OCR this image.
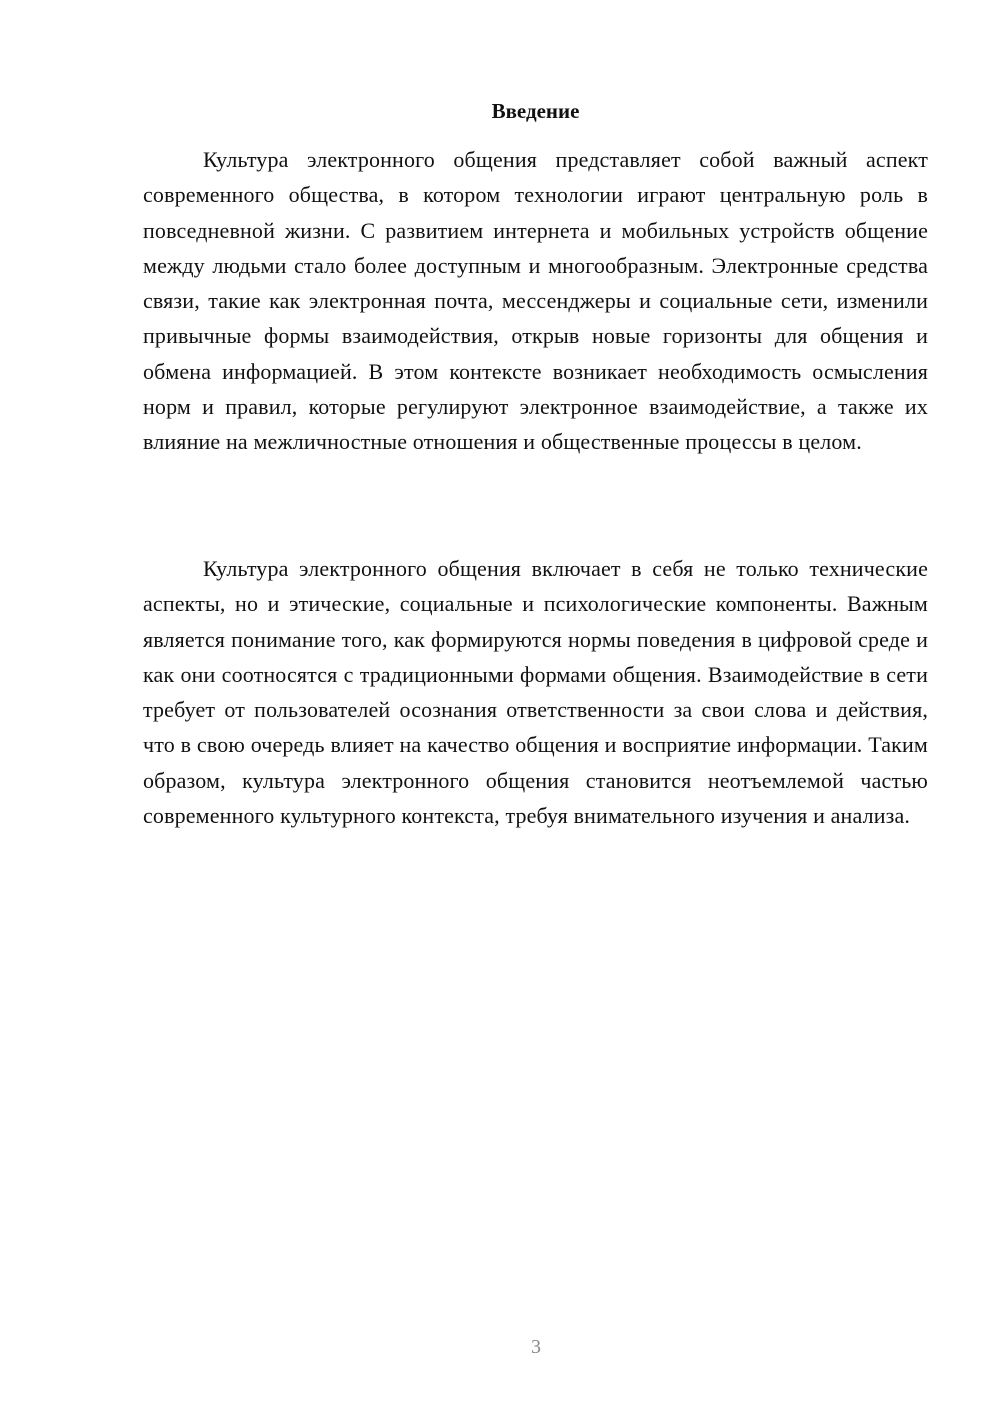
Введение

Культура электронного общения представляет собой важный аспект современного общества, в котором технологии играют центральную роль в повседневной жизни. С развитием интернета и мобильных устройств общение между людьми стало более доступным и многообразным. Электронные средства связи, такие как электронная почта, мессенджеры и социальные сети, изменили привычные формы взаимодействия, открыв новые горизонты для общения и обмена информацией. В этом контексте возникает необходимость осмысления норм и правил, которые регулируют электронное взаимодействие, а также их влияние на межличностные отношения и общественные процессы в целом.

Культура электронного общения включает в себя не только технические аспекты, но и этические, социальные и психологические компоненты. Важным является понимание того, как формируются нормы поведения в цифровой среде и как они соотносятся с традиционными формами общения. Взаимодействие в сети требует от пользователей осознания ответственности за свои слова и действия, что в свою очередь влияет на качество общения и восприятие информации. Таким образом, культура электронного общения становится неотъемлемой частью современного культурного контекста, требуя внимательного изучения и анализа.

3
